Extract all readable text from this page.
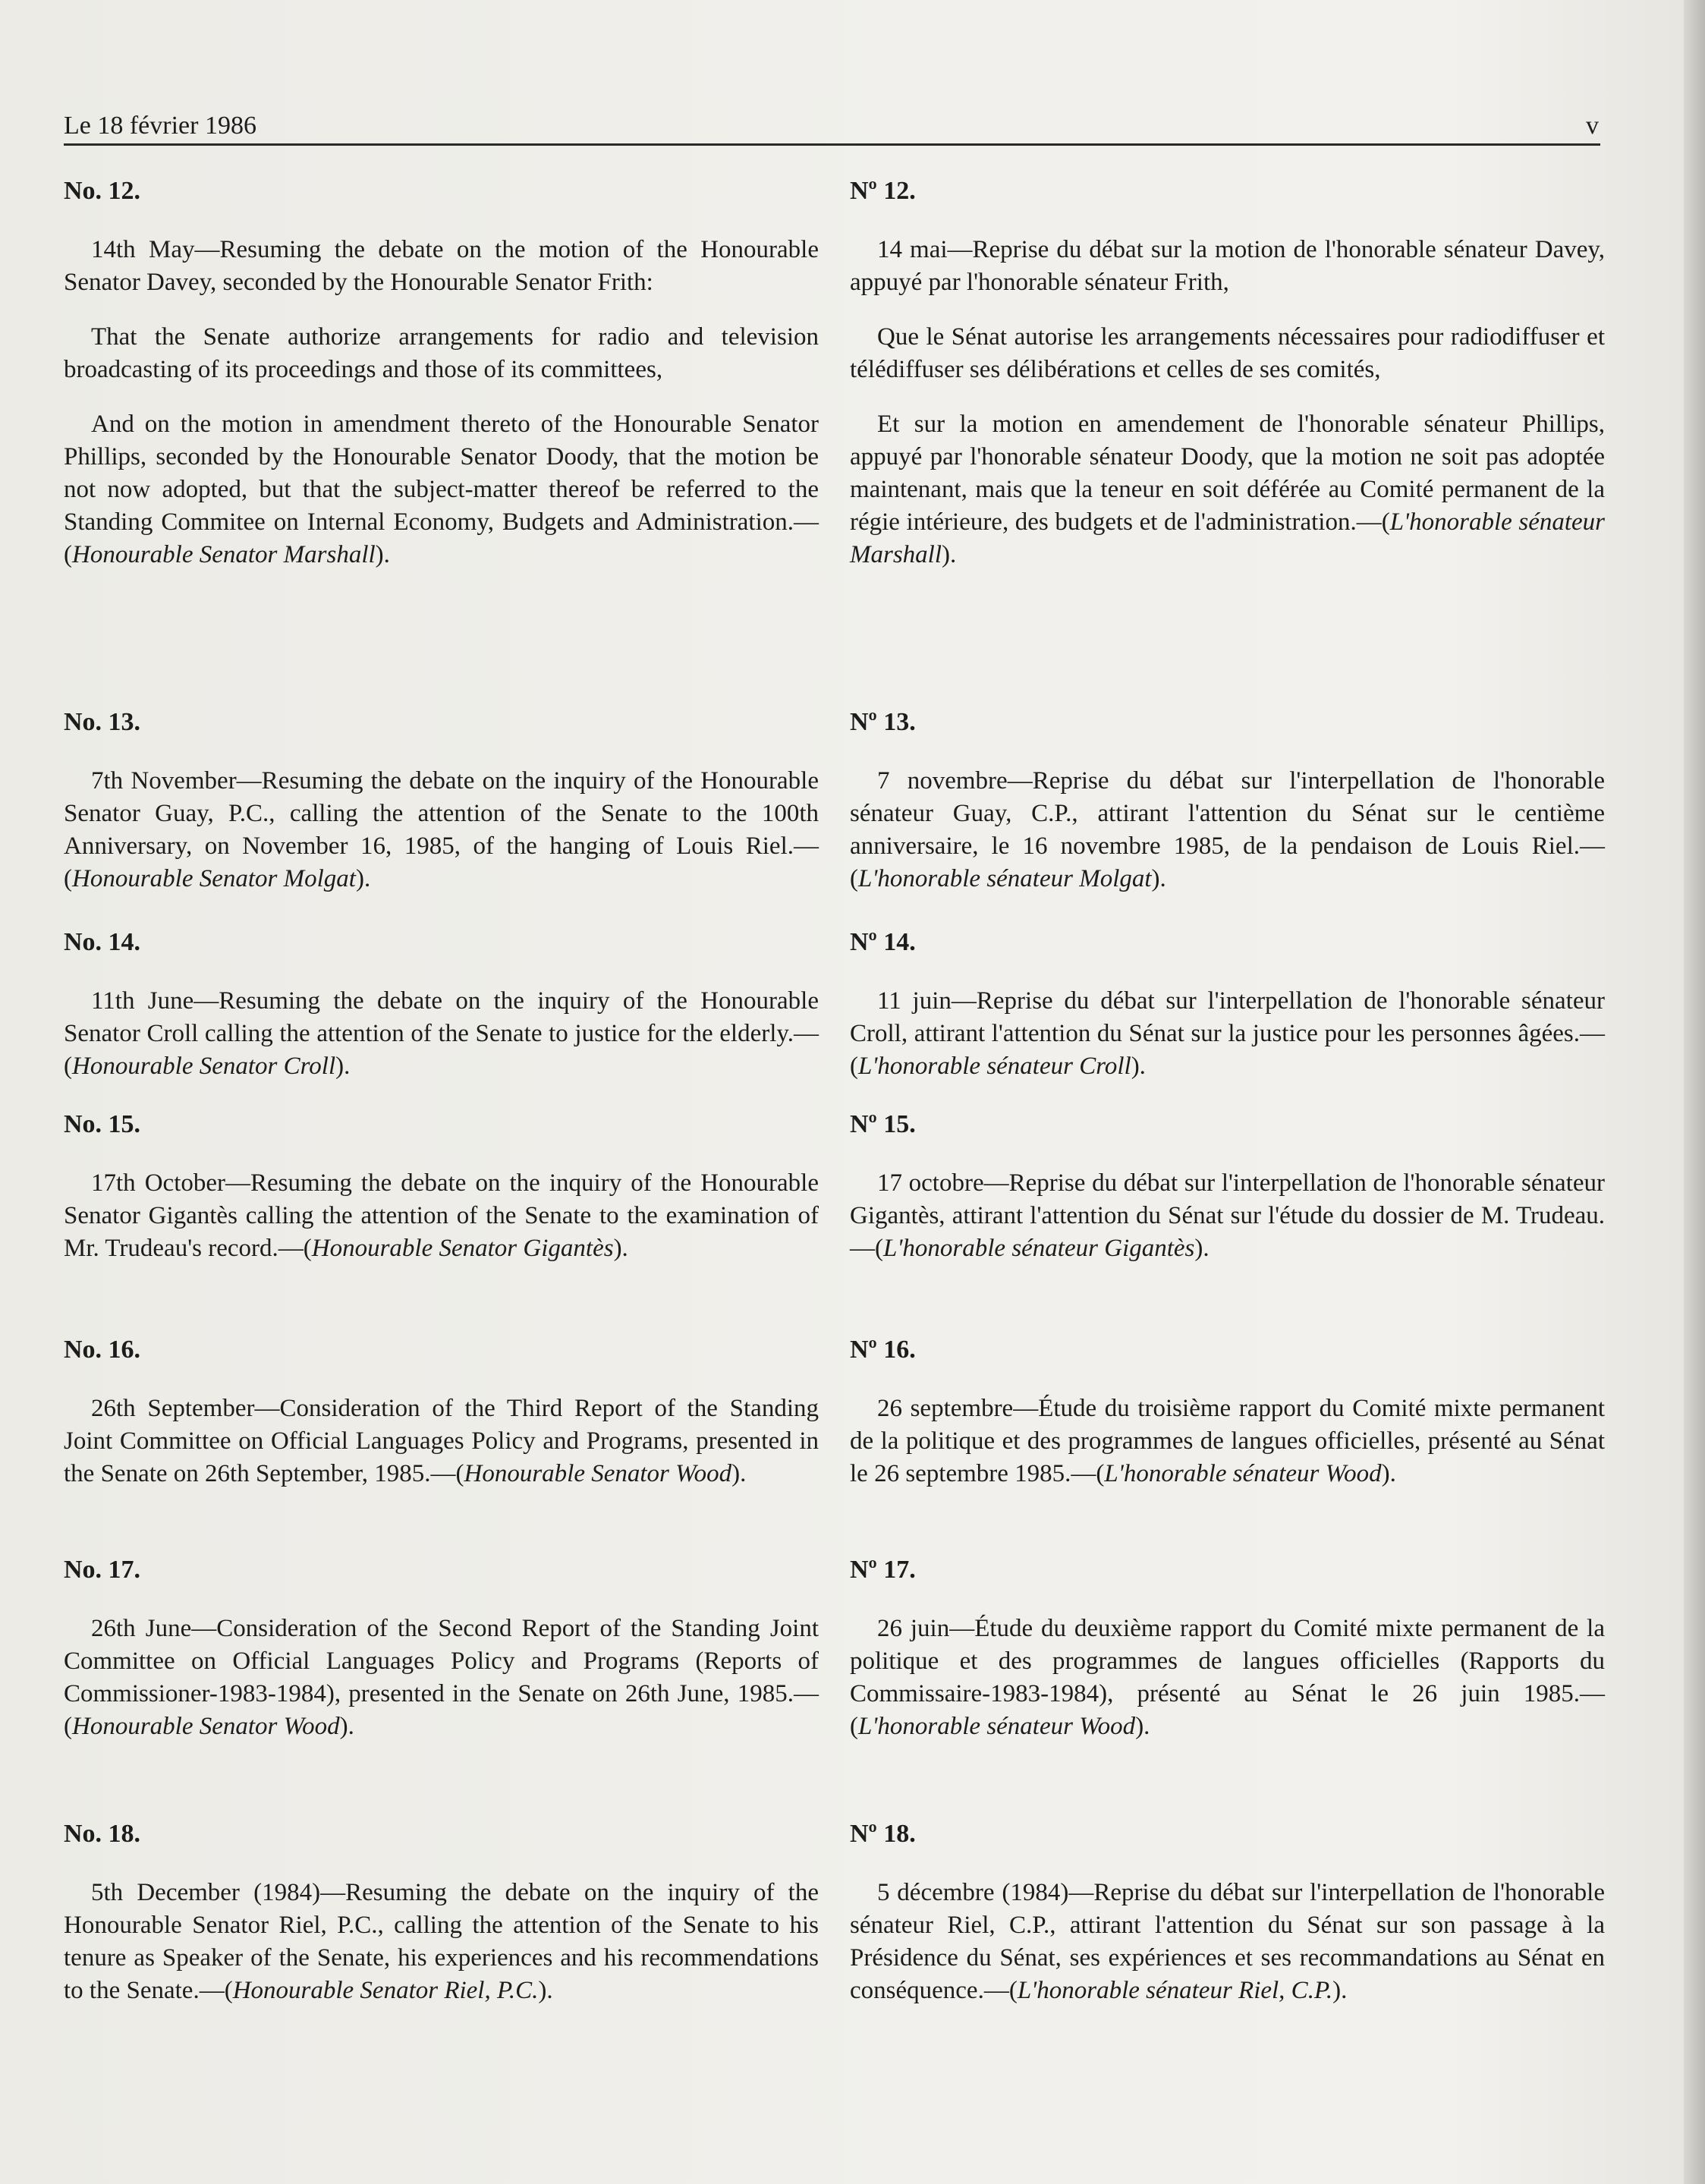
Le 18 février 1986	v
No. 12.

14th May—Resuming the debate on the motion of the Honourable Senator Davey, seconded by the Honourable Senator Frith:

That the Senate authorize arrangements for radio and television broadcasting of its proceedings and those of its committees,

And on the motion in amendment thereto of the Honourable Senator Phillips, seconded by the Honourable Senator Doody, that the motion be not now adopted, but that the subject-matter thereof be referred to the Standing Commitee on Internal Economy, Budgets and Administration.—(Honourable Senator Marshall).

No. 13.

7th November—Resuming the debate on the inquiry of the Honourable Senator Guay, P.C., calling the attention of the Senate to the 100th Anniversary, on November 16, 1985, of the hanging of Louis Riel.—(Honourable Senator Molgat).

No. 14.

11th June—Resuming the debate on the inquiry of the Honourable Senator Croll calling the attention of the Senate to justice for the elderly.—(Honourable Senator Croll).

No. 15.

17th October—Resuming the debate on the inquiry of the Honourable Senator Gigantès calling the attention of the Senate to the examination of Mr. Trudeau's record.—(Honourable Senator Gigantès).

No. 16.

26th September—Consideration of the Third Report of the Standing Joint Committee on Official Languages Policy and Programs, presented in the Senate on 26th September, 1985.—(Honourable Senator Wood).

No. 17.

26th June—Consideration of the Second Report of the Standing Joint Committee on Official Languages Policy and Programs (Reports of Commissioner-1983-1984), presented in the Senate on 26th June, 1985.—(Honourable Senator Wood).

No. 18.

5th December (1984)—Resuming the debate on the inquiry of the Honourable Senator Riel, P.C., calling the attention of the Senate to his tenure as Speaker of the Senate, his experiences and his recommendations to the Senate.—(Honourable Senator Riel, P.C.).

Nº 12.

14 mai—Reprise du débat sur la motion de l'honorable sénateur Davey, appuyé par l'honorable sénateur Frith,

Que le Sénat autorise les arrangements nécessaires pour radiodiffuser et télédiffuser ses délibérations et celles de ses comités,

Et sur la motion en amendement de l'honorable sénateur Phillips, appuyé par l'honorable sénateur Doody, que la motion ne soit pas adoptée maintenant, mais que la teneur en soit déférée au Comité permanent de la régie intérieure, des budgets et de l'administration.—(L'honorable sénateur Marshall).

Nº 13.

7 novembre—Reprise du débat sur l'interpellation de l'honorable sénateur Guay, C.P., attirant l'attention du Sénat sur le centième anniversaire, le 16 novembre 1985, de la pendaison de Louis Riel.—(L'honorable sénateur Molgat).

Nº 14.

11 juin—Reprise du débat sur l'interpellation de l'honorable sénateur Croll, attirant l'attention du Sénat sur la justice pour les personnes âgées.—(L'honorable sénateur Croll).

Nº 15.

17 octobre—Reprise du débat sur l'interpellation de l'honorable sénateur Gigantès, attirant l'attention du Sénat sur l'étude du dossier de M. Trudeau.—(L'honorable sénateur Gigantès).

Nº 16.

26 septembre—Étude du troisième rapport du Comité mixte permanent de la politique et des programmes de langues officielles, présenté au Sénat le 26 septembre 1985.—(L'honorable sénateur Wood).

Nº 17.

26 juin—Étude du deuxième rapport du Comité mixte permanent de la politique et des programmes de langues officielles (Rapports du Commissaire-1983-1984), présenté au Sénat le 26 juin 1985.—(L'honorable sénateur Wood).

Nº 18.

5 décembre (1984)—Reprise du débat sur l'interpellation de l'honorable sénateur Riel, C.P., attirant l'attention du Sénat sur son passage à la Présidence du Sénat, ses expériences et ses recommandations au Sénat en conséquence.—(L'honorable sénateur Riel, C.P.).
